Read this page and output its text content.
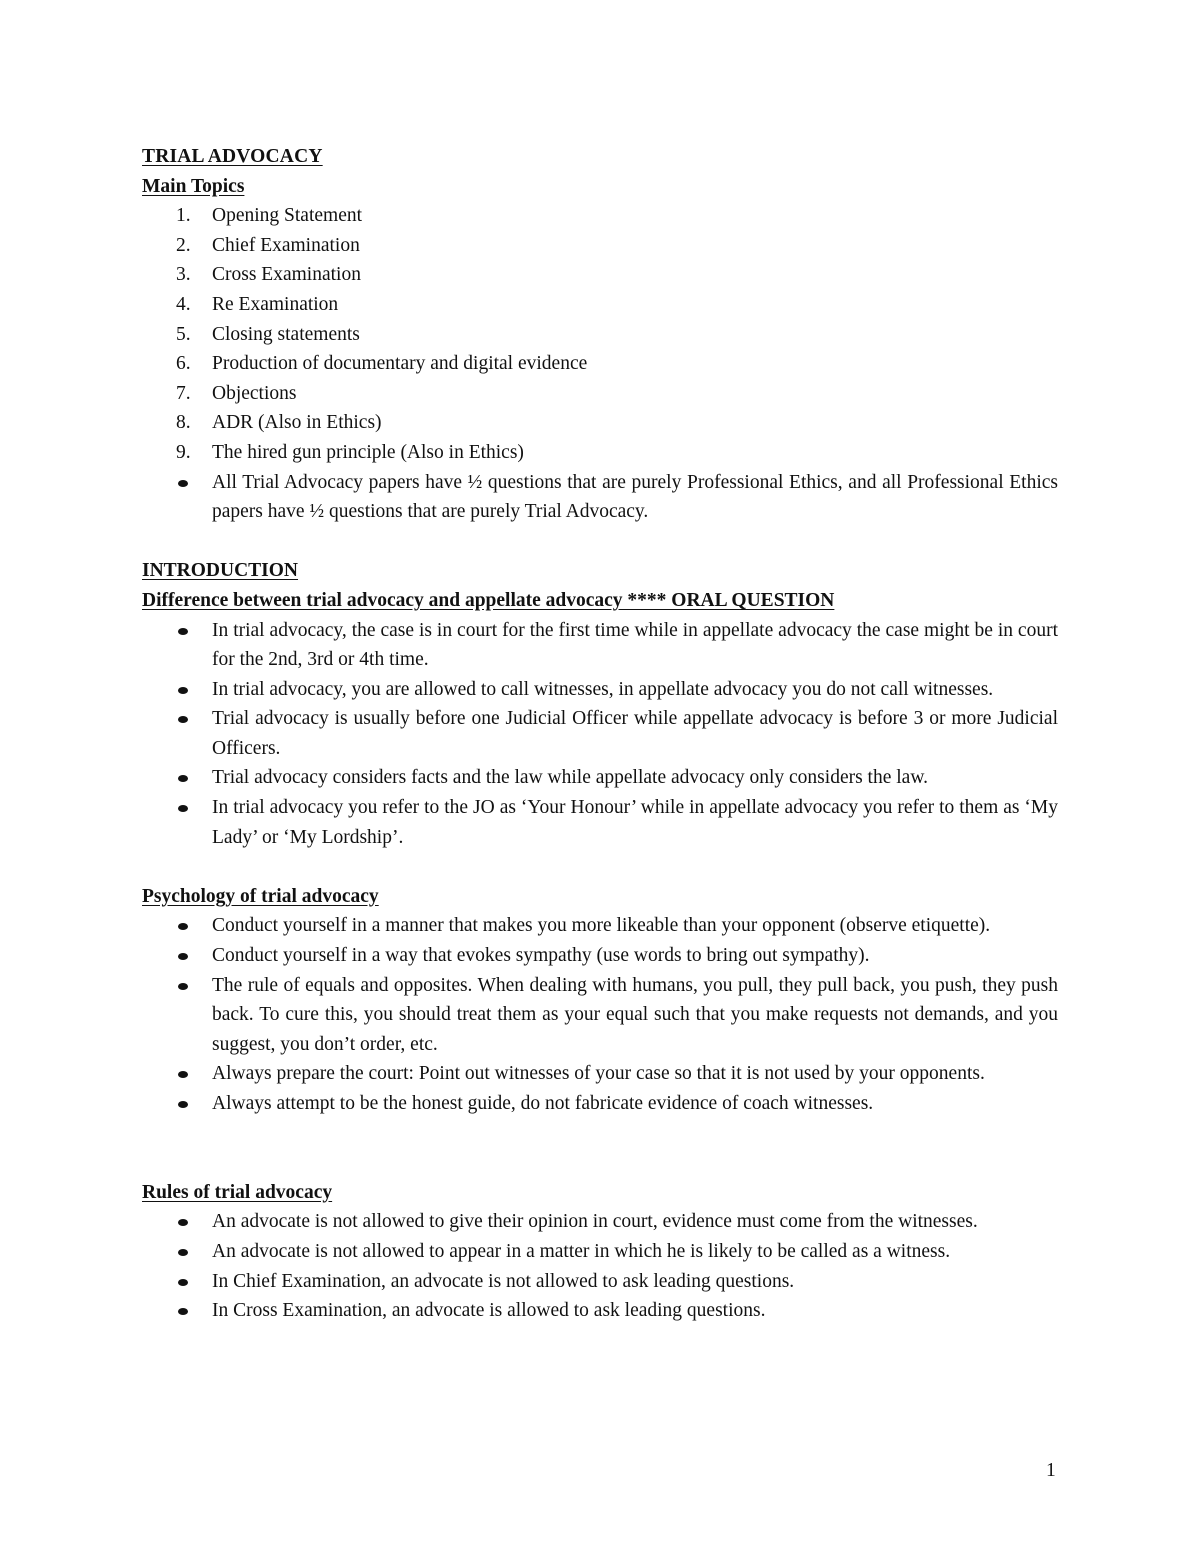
TRIAL ADVOCACY
Main Topics
1. Opening Statement
2. Chief Examination
3. Cross Examination
4. Re Examination
5. Closing statements
6. Production of documentary and digital evidence
7. Objections
8. ADR (Also in Ethics)
9. The hired gun principle (Also in Ethics)
All Trial Advocacy papers have ½ questions that are purely Professional Ethics, and all Professional Ethics papers have ½ questions that are purely Trial Advocacy.
INTRODUCTION
Difference between trial advocacy and appellate advocacy **** ORAL QUESTION
In trial advocacy, the case is in court for the first time while in appellate advocacy the case might be in court for the 2nd, 3rd or 4th time.
In trial advocacy, you are allowed to call witnesses, in appellate advocacy you do not call witnesses.
Trial advocacy is usually before one Judicial Officer while appellate advocacy is before 3 or more Judicial Officers.
Trial advocacy considers facts and the law while appellate advocacy only considers the law.
In trial advocacy you refer to the JO as ‘Your Honour’ while in appellate advocacy you refer to them as ‘My Lady’ or ‘My Lordship’.
Psychology of trial advocacy
Conduct yourself in a manner that makes you more likeable than your opponent (observe etiquette).
Conduct yourself in a way that evokes sympathy (use words to bring out sympathy).
The rule of equals and opposites. When dealing with humans, you pull, they pull back, you push, they push back. To cure this, you should treat them as your equal such that you make requests not demands, and you suggest, you don’t order, etc.
Always prepare the court: Point out witnesses of your case so that it is not used by your opponents.
Always attempt to be the honest guide, do not fabricate evidence of coach witnesses.
Rules of trial advocacy
An advocate is not allowed to give their opinion in court, evidence must come from the witnesses.
An advocate is not allowed to appear in a matter in which he is likely to be called as a witness.
In Chief Examination, an advocate is not allowed to ask leading questions.
In Cross Examination, an advocate is allowed to ask leading questions.
1
